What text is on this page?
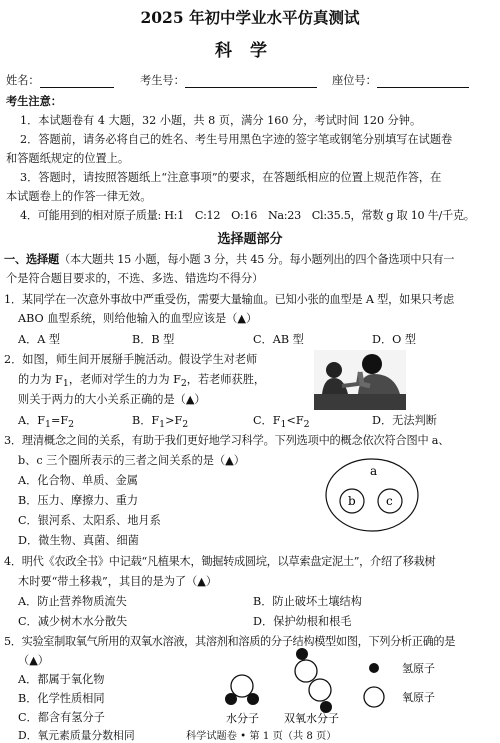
2025 年初中学业水平仿真测试
科学
姓名：	考生号：	座位号：
考生注意：
1．本试题卷有 4 大题，32 小题，共 8 页，满分 160 分，考试时间 120 分钟。
2．答题前，请务必将自己的姓名、考生号用黑色字迹的签字笔或钢笔分别填写在试题卷
和答题纸规定的位置上。
3．答题时，请按照答题纸上“注意事项”的要求，在答题纸相应的位置上规范作答，在
本试题卷上的作答一律无效。
4．可能用到的相对原子质量: H:1　C:12　O:16　Na:23　Cl:35.5，常数 g 取 10 牛/千克。
选择题部分
一、选择题（本大题共 15 小题，每小题 3 分，共 45 分。每小题列出的四个备选项中只有一
个是符合题目要求的，不选、多选、错选均不得分）
1．某同学在一次意外事故中严重受伤，需要大量输血。已知小张的血型是 A 型，如果只考虑
ABO 血型系统，则给他输入的血型应该是（▲）
A．A 型	B．B 型	C．AB 型	D．O 型
2．如图，师生间开展掰手腕活动。假设学生对老师
的力为 $F_1$，老师对学生的力为 $F_2$，若老师获胜，
则关于两力的大小关系正确的是（▲）
A．$F_1=F_2$	B．$F_1>F_2$	C．$F_1<F_2$	D．无法判断
3．理清概念之间的关系，有助于我们更好地学习科学。下列选项中的概念依次符合图中 a、
b、c 三个圈所表示的三者之间关系的是（▲）
A．化合物、单质、金属
B．压力、摩擦力、重力
C．银河系、太阳系、地月系
D．微生物、真菌、细菌
a
b	c
4．明代《农政全书》中记载“凡植果木，锄掘转成圆垸，以草索盘定泥土”，介绍了移栽树
木时要“带土移栽”，其目的是为了（▲）
A．防止营养物质流失	B．防止破坏土壤结构
C．减少树木水分散失	D．保护幼根和根毛
5．实验室制取氧气所用的双氧水溶液，其溶剂和溶质的分子结构模型如图，下列分析正确的是
（▲）
A．都属于氧化物
B．化学性质相同
C．都含有氢分子
D．氧元素质量分数相同
水分子 双氧水分子
氢原子
氧原子
科学试题卷 • 第 1 页（共 8 页）
